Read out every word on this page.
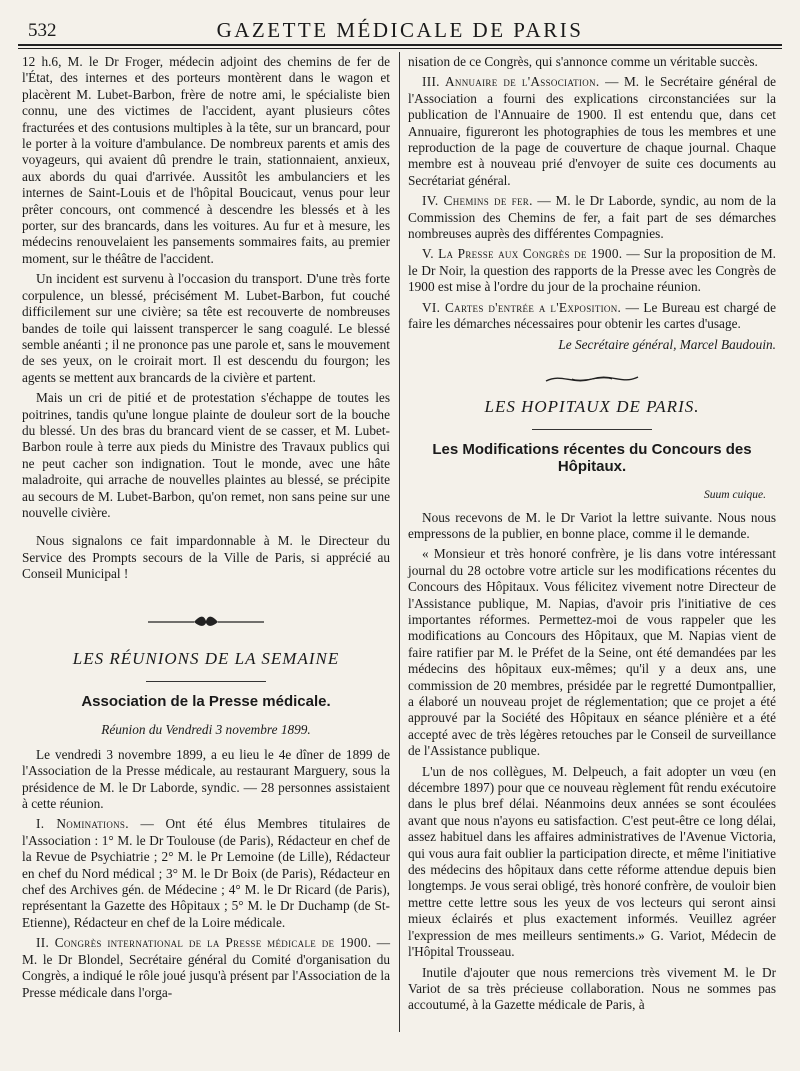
532	GAZETTE MÉDICALE DE PARIS

12 h.6, M. le Dr Froger, médecin adjoint des chemins de fer de l'État, des internes et des porteurs montèrent dans le wagon et placèrent M. Lubet-Barbon, frère de notre ami, le spécialiste bien connu, une des victimes de l'accident, ayant plusieurs côtes fracturées et des contusions multiples à la tête, sur un brancard, pour le porter à la voiture d'ambulance. De nombreux parents et amis des voyageurs, qui avaient dû prendre le train, stationnaient, anxieux, aux abords du quai d'arrivée. Aussitôt les ambulanciers et les internes de Saint-Louis et de l'hôpital Boucicaut, venus pour leur prêter concours, ont commencé à descendre les blessés et à les porter, sur des brancards, dans les voitures. Au fur et à mesure, les médecins renouvelaient les pansements sommaires faits, au premier moment, sur le théâtre de l'accident.

Un incident est survenu à l'occasion du transport. D'une très forte corpulence, un blessé, précisément M. Lubet-Barbon, fut couché difficilement sur une civière; sa tête est recouverte de nombreuses bandes de toile qui laissent transpercer le sang coagulé. Le blessé semble anéanti ; il ne prononce pas une parole et, sans le mouvement de ses yeux, on le croirait mort. Il est descendu du fourgon; les agents se mettent aux brancards de la civière et partent.

Mais un cri de pitié et de protestation s'échappe de toutes les poitrines, tandis qu'une longue plainte de douleur sort de la bouche du blessé. Un des bras du brancard vient de se casser, et M. Lubet-Barbon roule à terre aux pieds du Ministre des Travaux publics qui ne peut cacher son indignation. Tout le monde, avec une hâte maladroite, qui arrache de nouvelles plaintes au blessé, se précipite au secours de M. Lubet-Barbon, qu'on remet, non sans peine sur une nouvelle civière.

Nous signalons ce fait impardonnable à M. le Directeur du Service des Prompts secours de la Ville de Paris, si apprécié au Conseil Municipal !

LES RÉUNIONS DE LA SEMAINE
Association de la Presse médicale.
Réunion du Vendredi 3 novembre 1899.

Le vendredi 3 novembre 1899, a eu lieu le 4e dîner de 1899 de l'Association de la Presse médicale, au restaurant Marguery, sous la présidence de M. le Dr Laborde, syndic. — 28 personnes assistaient à cette réunion.

I. Nominations. — Ont été élus Membres titulaires de l'Association : 1° M. le Dr Toulouse (de Paris), Rédacteur en chef de la Revue de Psychiatrie ; 2° M. le Pr Lemoine (de Lille), Rédacteur en chef du Nord médical ; 3° M. le Dr Boix (de Paris), Rédacteur en chef des Archives gén. de Médecine ; 4° M. le Dr Ricard (de Paris), représentant la Gazette des Hôpitaux ; 5° M. le Dr Duchamp (de St-Etienne), Rédacteur en chef de la Loire médicale.

II. Congrès international de la Presse médicale de 1900. — M. le Dr Blondel, Secrétaire général du Comité d'organisation du Congrès, a indiqué le rôle joué jusqu'à présent par l'Association de la Presse médicale dans l'orga-

nisation de ce Congrès, qui s'annonce comme un véritable succès.

III. Annuaire de l'Association. — M. le Secrétaire général de l'Association a fourni des explications circonstanciées sur la publication de l'Annuaire de 1900. Il est entendu que, dans cet Annuaire, figureront les photographies de tous les membres et une reproduction de la page de couverture de chaque journal. Chaque membre est à nouveau prié d'envoyer de suite ces documents au Secrétariat général.

IV. Chemins de fer. — M. le Dr Laborde, syndic, au nom de la Commission des Chemins de fer, a fait part de ses démarches nombreuses auprès des différentes Compagnies.

V. La Presse aux Congrès de 1900. — Sur la proposition de M. le Dr Noir, la question des rapports de la Presse avec les Congrès de 1900 est mise à l'ordre du jour de la prochaine réunion.

VI. Cartes d'entrée a l'Exposition. — Le Bureau est chargé de faire les démarches nécessaires pour obtenir les cartes d'usage.

Le Secrétaire général, Marcel Baudouin.
LES HOPITAUX DE PARIS.
Les Modifications récentes du Concours des Hôpitaux.
Suum cuique.

Nous recevons de M. le Dr Variot la lettre suivante. Nous nous empressons de la publier, en bonne place, comme il le demande.

« Monsieur et très honoré confrère, je lis dans votre intéressant journal du 28 octobre votre article sur les modifications récentes du Concours des Hôpitaux. Vous félicitez vivement notre Directeur de l'Assistance publique, M. Napias, d'avoir pris l'initiative de ces importantes réformes. Permettez-moi de vous rappeler que les modifications au Concours des Hôpitaux, que M. Napias vient de faire ratifier par M. le Préfet de la Seine, ont été demandées par les médecins des hôpitaux eux-mêmes; qu'il y a deux ans, une commission de 20 membres, présidée par le regretté Dumontpallier, a élaboré un nouveau projet de réglementation; que ce projet a été approuvé par la Société des Hôpitaux en séance plénière et a été accepté avec de très légères retouches par le Conseil de surveillance de l'Assistance publique.

L'un de nos collègues, M. Delpeuch, a fait adopter un vœu (en décembre 1897) pour que ce nouveau règlement fût rendu exécutoire dans le plus bref délai. Néanmoins deux années se sont écoulées avant que nous n'ayons eu satisfaction. C'est peut-être ce long délai, assez habituel dans les affaires administratives de l'Avenue Victoria, qui vous aura fait oublier la participation directe, et même l'initiative des médecins des hôpitaux dans cette réforme attendue depuis bien longtemps. Je vous serai obligé, très honoré confrère, de vouloir bien mettre cette lettre sous les yeux de vos lecteurs qui seront ainsi mieux éclairés et plus exactement informés. Veuillez agréer l'expression de mes meilleurs sentiments.» G. Variot, Médecin de l'Hôpital Trousseau.

Inutile d'ajouter que nous remercions très vivement M. le Dr Variot de sa très précieuse collaboration. Nous ne sommes pas accoutumé, à la Gazette médicale de Paris, à
